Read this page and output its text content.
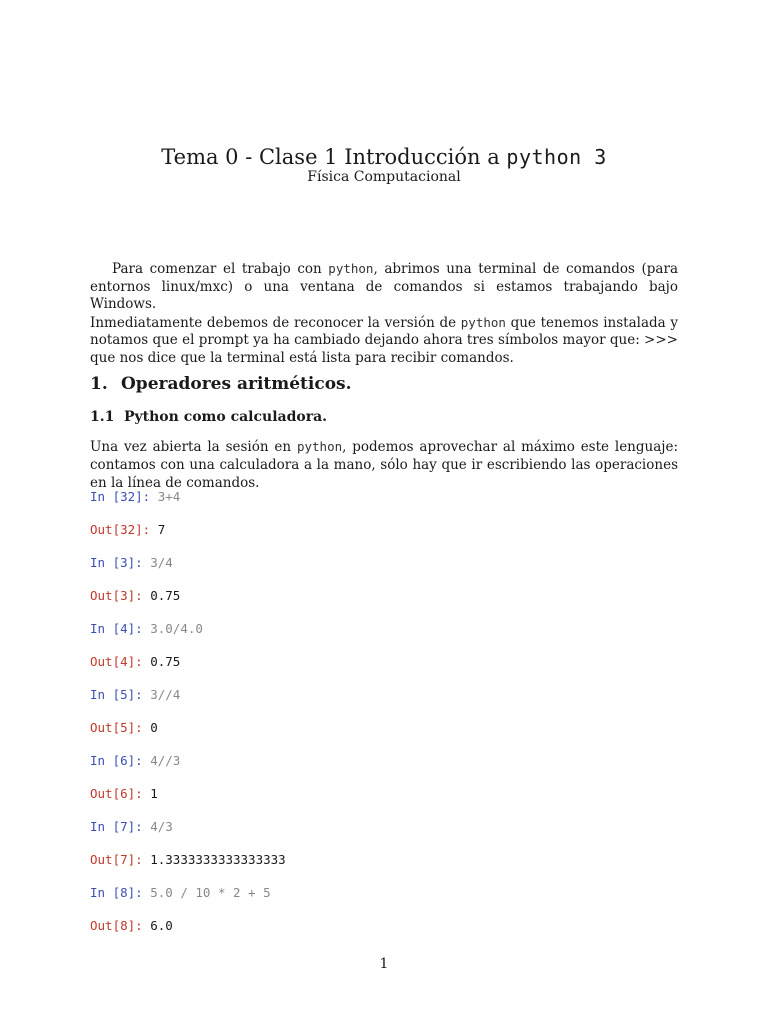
Tema 0 - Clase 1 Introducción a python 3
Física Computacional

Para comenzar el trabajo con python, abrimos una terminal de comandos (para entornos linux/mxc) o una ventana de comandos si estamos trabajando bajo Windows.

Inmediatamente debemos de reconocer la versión de python que tenemos instalada y notamos que el prompt ya ha cambiado dejando ahora tres símbolos mayor que: >>> que nos dice que la terminal está lista para recibir comandos.

1. Operadores aritméticos.
1.1 Python como calculadora.
Una vez abierta la sesión en python, podemos aprovechar al máximo este lenguaje: contamos con una calculadora a la mano, sólo hay que ir escribiendo las operaciones en la línea de comandos.
In [32]: 3+4
Out[32]: 7
In [3]: 3/4
Out[3]: 0.75
In [4]: 3.0/4.0
Out[4]: 0.75
In [5]: 3//4
Out[5]: 0
In [6]: 4//3
Out[6]: 1
In [7]: 4/3
Out[7]: 1.3333333333333333
In [8]: 5.0 / 10 * 2 + 5
Out[8]: 6.0
1
